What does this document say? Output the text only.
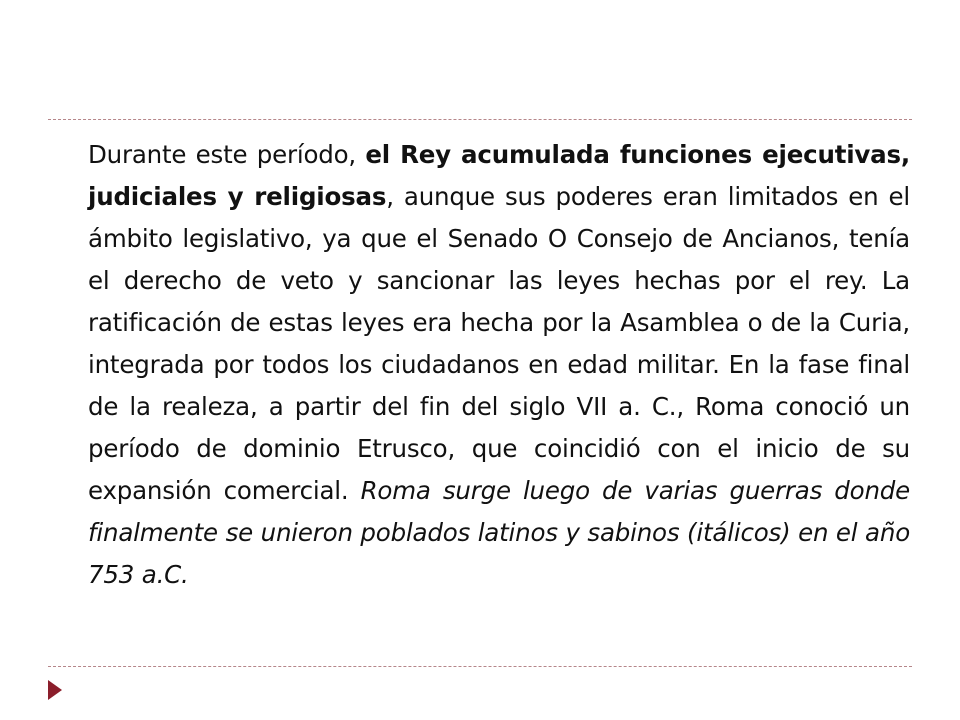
Durante este período, el Rey acumulada funciones ejecutivas, judiciales y religiosas, aunque sus poderes eran limitados en el ámbito legislativo, ya que el Senado O Consejo de Ancianos, tenía el derecho de veto y sancionar las leyes hechas por el rey. La ratificación de estas leyes era hecha por la Asamblea o de la Curia, integrada por todos los ciudadanos en edad militar. En la fase final de la realeza, a partir del fin del siglo VII a. C., Roma conoció un período de dominio Etrusco, que coincidió con el inicio de su expansión comercial. Roma surge luego de varias guerras donde finalmente se unieron poblados latinos y sabinos (itálicos) en el año 753 a.C.
